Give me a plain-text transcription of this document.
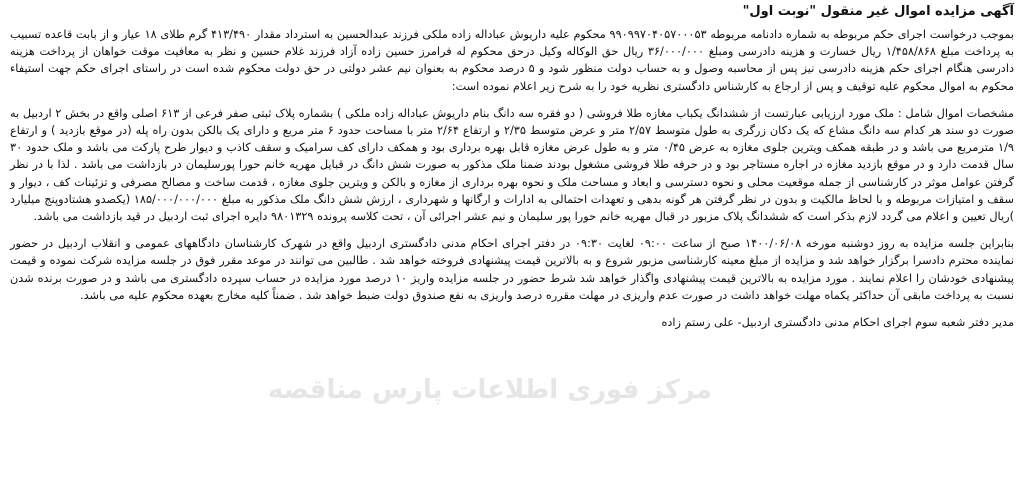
آگهی مزایده اموال غیر منقول "نوبت اول"

بموجب درخواست اجرای حکم مربوطه به شماره دادنامه مربوطه ۹۹۰۹۹۷۰۴۰۵۷۰۰۰۵۳ محکوم علیه داریوش عباداله زاده ملکی فرزند عبدالحسین به استرداد مقدار ۴۱۳/۴۹۰ گرم طلای ۱۸ عیار و از بابت قاعده تسبیب به پرداخت مبلغ ۱/۴۵۸/۸۶۸ ریال خسارت و هزینه دادرسی ومبلغ ۳۶/۰۰۰/۰۰۰ ریال حق الوکاله وکیل درحق محکوم له فرامرز حسین زاده آزاد فرزند غلام حسین و نظر به معافیت موقت خواهان از پرداخت هزینه دادرسی هنگام اجرای حکم هزینه دادرسی نیز پس از محاسبه وصول و به حساب دولت منظور شود و ۵ درصد محکوم به بعنوان نیم عشر دولتی در حق دولت محکوم شده است در راستای اجرای حکم جهت استیفاء محکوم به اموال محکوم علیه توقیف و پس از ارجاع به کارشناس دادگستری نظریه خود را به شرح زیر اعلام نموده است:

مشخصات اموال شامل : ملک مورد ارزیابی عبارتست از ششدانگ یکباب مغازه طلا فروشی ( دو فقره سه دانگ بنام داریوش عباداله زاده ملکی ) بشماره پلاک ثبتی صفر فرعی از ۶۱۳ اصلی واقع در بخش ۲ اردبیل به صورت دو سند هر کدام سه دانگ مشاع که یک دکان زرگری به طول متوسط ۲/۵۷ متر و عرض متوسط ۲/۳۵ و ارتفاع ۲/۶۴ متر با مساحت حدود ۶ متر مربع و دارای یک بالکن بدون راه پله (در موقع بازدید ) و ارتفاع ۱/۹ مترمربع می باشد و در طبقه همکف ویترین جلوی مغازه به عرض ۰/۴۵ متر و به طول عرض مغازه قابل بهره برداری بود و همکف دارای کف سرامیک و سقف کاذب و دیوار طرح پارکت می باشد و ملک حدود ۳۰ سال قدمت دارد و در موقع بازدید مغازه در اجاره مستاجر بود و در حرفه طلا فروشی مشغول بودند ضمنا ملک مذکور به صورت شش دانگ در قبایل مهریه خانم حورا پورسلیمان در بازداشت می باشد . لذا با در نظر گرفتن عوامل موثر در کارشناسی از جمله موقعیت محلی و نحوه دسترسی و ابعاد و مساحت ملک و نحوه بهره برداری از مغازه و بالکن و ویترین جلوی مغازه ، قدمت ساخت و مصالح مصرفی و تزئینات کف ، دیوار و سقف و امتیازات مربوطه و با لحاظ مالکیت و بدون در نظر گرفتن هر گونه بدهی و تعهدات احتمالی به ادارات و ارگانها و شهرداری ، ارزش شش دانگ ملک مذکور به مبلغ ۱۸۵/۰۰۰/۰۰۰/۰۰۰ (یکصدو هشتادوپنج میلیارد )ریال تعیین و اعلام می گردد لازم بذکر است که ششدانگ پلاک مزبور در قبال مهریه خانم حورا پور سلیمان و نیم عشر اجرائی آن ، تحت کلاسه پرونده ۹۸۰۱۳۲۹ دایره اجرای ثبت اردبیل در قید بازداشت می باشد.

بنابراین جلسه مزایده به روز دوشنبه مورخه ۱۴۰۰/۰۶/۰۸ صبح از ساعت ۰۹:۰۰ لغایت ۰۹:۳۰ در دفتر اجرای احکام مدنی دادگستری اردبیل واقع در شهرک کارشناسان دادگاههای عمومی و انقلاب اردبیل در حضور نماینده محترم دادسرا برگزار خواهد شد و مزایده از مبلغ معینه کارشناسی مزبور شروع و به بالاترین قیمت پیشنهادی فروخته خواهد شد . طالبین می توانند در موعد مقرر فوق در جلسه مزایده شرکت نموده و قیمت پیشنهادی خودشان را اعلام نمایند . مورد مزایده به بالاترین قیمت پیشنهادی واگذار خواهد شد شرط حضور در جلسه مزایده واریز ۱۰ درصد مورد مزایده در حساب سپرده دادگستری می باشد و در صورت برنده شدن نسبت به پرداخت مابقی آن حداکثر یکماه مهلت خواهد داشت در صورت عدم واریزی در مهلت مقرره درصد واریزی به نفع صندوق دولت ضبط خواهد شد . ضمناً کلیه مخارج بعهده محکوم علیه می باشد.

مدیر دفتر شعبه سوم اجرای احکام مدنی دادگستری اردبیل- علی رستم زاده

مرکز فوری اطلاعات پارس مناقصه
